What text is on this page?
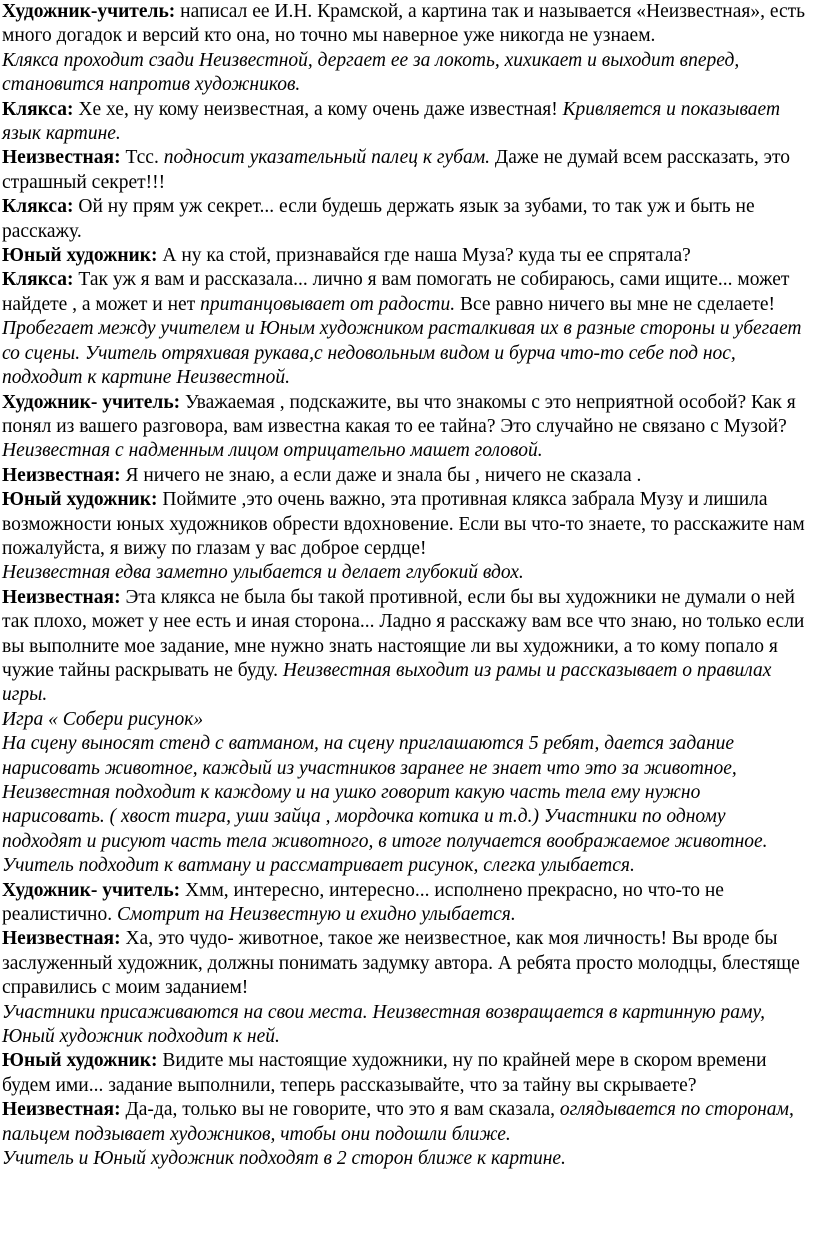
Художник-учитель: написал ее И.Н. Крамской, а картина так и называется «Неизвестная», есть много догадок и версий кто она, но точно мы наверное уже никогда не узнаем.

Клякса проходит сзади Неизвестной, дергает ее за локоть, хихикает и выходит вперед, становится напротив художников.

Клякса: Хе хе, ну кому неизвестная, а кому очень даже известная! Кривляется и показывает язык картине.

Неизвестная: Тсс. подносит указательный палец к губам. Даже не думай всем рассказать, это страшный секрет!!!

Клякса: Ой ну прям уж секрет... если будешь держать язык за зубами, то так уж и быть не расскажу.

Юный художник: А ну ка стой, признавайся где наша Муза? куда ты ее спрятала?

Клякса: Так уж я вам и рассказала... лично я вам помогать не собираюсь, сами ищите... может найдете , а может и нет пританцовывает от радости. Все равно ничего вы мне не сделаете! Пробегает между учителем и Юным художником расталкивая их в разные стороны и убегает со сцены. Учитель отряхивая рукава,с недовольным видом и бурча что-то себе под нос, подходит к картине Неизвестной.

Художник- учитель: Уважаемая , подскажите, вы что знакомы с это неприятной особой? Как я понял из вашего разговора, вам известна какая то ее тайна? Это случайно не связано с Музой?

Неизвестная с надменным лицом отрицательно машет головой.

Неизвестная: Я ничего не знаю, а если даже и знала бы , ничего не сказала .

Юный художник: Поймите ,это очень важно, эта противная клякса забрала Музу и лишила возможности юных художников обрести вдохновение. Если вы что-то знаете, то расскажите нам пожалуйста, я вижу по глазам у вас доброе сердце!

Неизвестная едва заметно улыбается и делает глубокий вдох.

Неизвестная: Эта клякса не была бы такой противной, если бы вы художники не думали о ней так плохо, может у нее есть и иная сторона... Ладно я расскажу вам все что знаю, но только если вы выполните мое задание, мне нужно знать настоящие ли вы художники, а то кому попало я чужие тайны раскрывать не буду. Неизвестная выходит из рамы и рассказывает о правилах игры.

Игра « Собери рисунок»

На сцену выносят стенд с ватманом, на сцену приглашаются 5 ребят, дается задание нарисовать животное, каждый из участников заранее не знает что это за животное, Неизвестная подходит к каждому и на ушко говорит какую часть тела ему нужно нарисовать. ( хвост тигра, уши зайца , мордочка котика и т.д.) Участники по одному подходят и рисуют часть тела животного, в итоге получается воображаемое животное.

Учитель подходит к ватману и рассматривает рисунок, слегка улыбается.

Художник- учитель: Хмм, интересно, интересно... исполнено прекрасно, но что-то не реалистично. Смотрит на Неизвестную и ехидно улыбается.

Неизвестная: Ха, это чудо- животное, такое же неизвестное, как моя личность! Вы вроде бы заслуженный художник, должны понимать задумку автора. А ребята просто молодцы, блестяще справились с моим заданием!

Участники присаживаются на свои места. Неизвестная возвращается в картинную раму, Юный художник подходит к ней.

Юный художник: Видите мы настоящие художники, ну по крайней мере в скором времени будем ими... задание выполнили, теперь рассказывайте, что за тайну вы скрываете?

Неизвестная: Да-да, только вы не говорите, что это я вам сказала, оглядывается по сторонам, пальцем подзывает художников, чтобы они подошли ближе.

Учитель и Юный художник подходят в 2 сторон ближе к картине.
